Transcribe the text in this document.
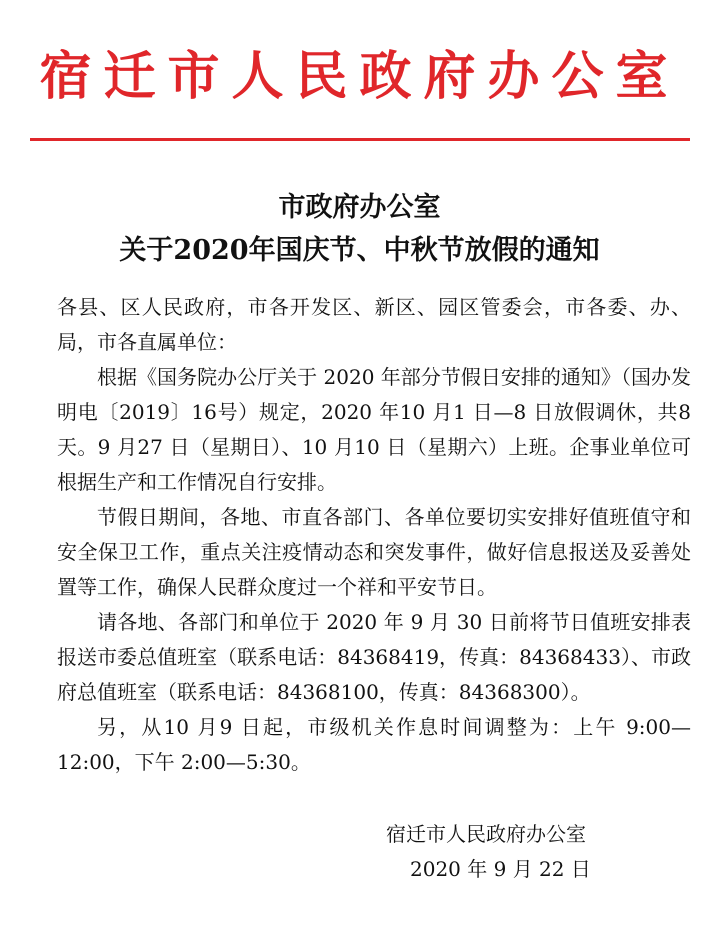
宿迁市人民政府办公室
市政府办公室
关于2020年国庆节、中秋节放假的通知

各县、区人民政府，市各开发区、新区、园区管委会，市各委、办、局，市各直属单位：

根据《国务院办公厅关于 2020 年部分节假日安排的通知》（国办发明电〔2019〕16号）规定，2020 年10 月1 日—8 日放假调休，共8 天。9 月27 日（星期日）、10 月10 日（星期六）上班。企事业单位可根据生产和工作情况自行安排。

节假日期间，各地、市直各部门、各单位要切实安排好值班值守和安全保卫工作，重点关注疫情动态和突发事件，做好信息报送及妥善处置等工作，确保人民群众度过一个祥和平安节日。

请各地、各部门和单位于 2020 年 9 月 30 日前将节日值班安排表报送市委总值班室（联系电话：84368419，传真：84368433）、市政府总值班室（联系电话：84368100，传真：84368300）。

另，从10 月9 日起，市级机关作息时间调整为：上午 9:00—12:00，下午 2:00—5:30。

宿迁市人民政府办公室
2020 年 9 月 22 日
